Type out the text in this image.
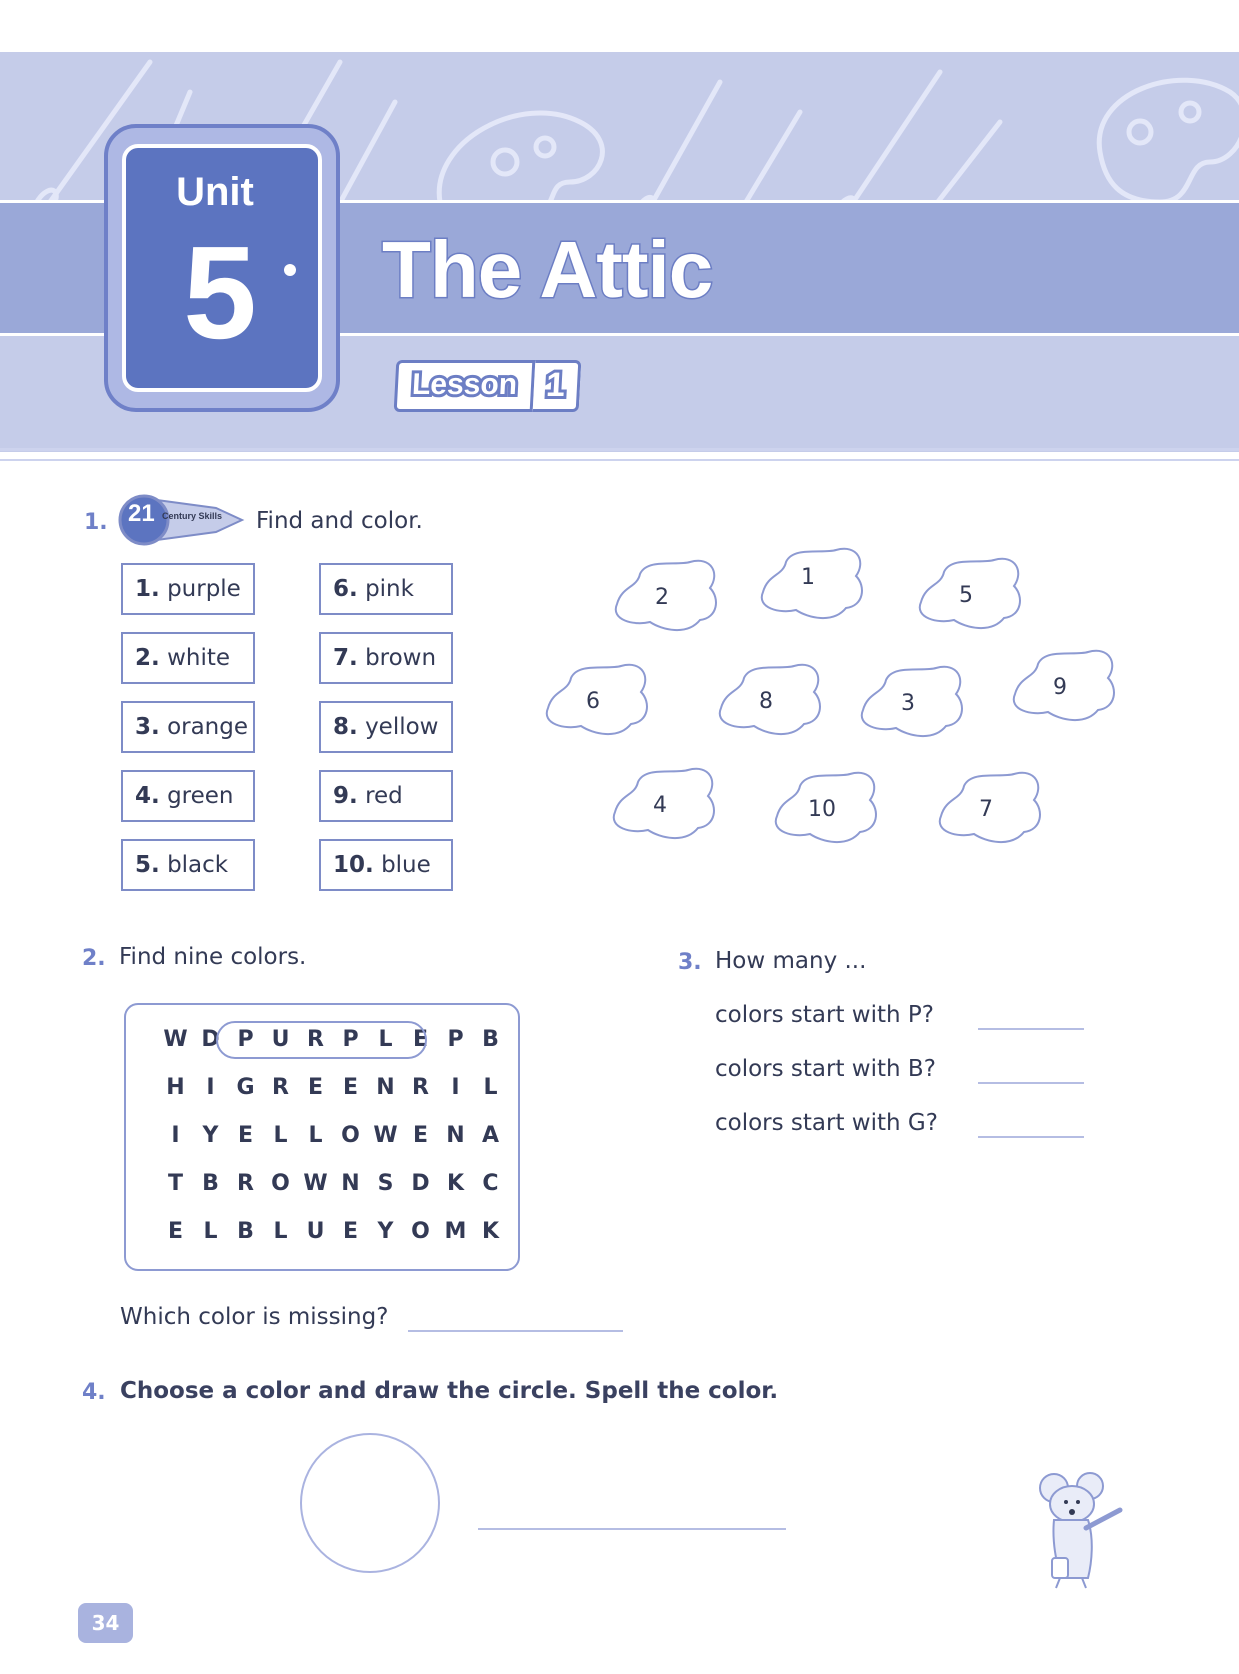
Unit
5 The Attic
Lesson 1
1. 21 Century Skills Find and color.
1. purple
2. white
3. orange
4. green
5. black
6. pink
7. brown
8. yellow
9. red
10. blue
2
1
5
6	8	3
9
4	10	7
2. Find nine colors.
W D P U R P L E P B
H I G R E E N R	I	L
I	Y E L L O W E N A
T B R O W N S D K C
E L B L U E Y O M K
Which color is missing?
3. How many ...
colors start with P?
colors start with B?
colors start with G?
4. Choose a color and draw the circle. Spell the color.
34
